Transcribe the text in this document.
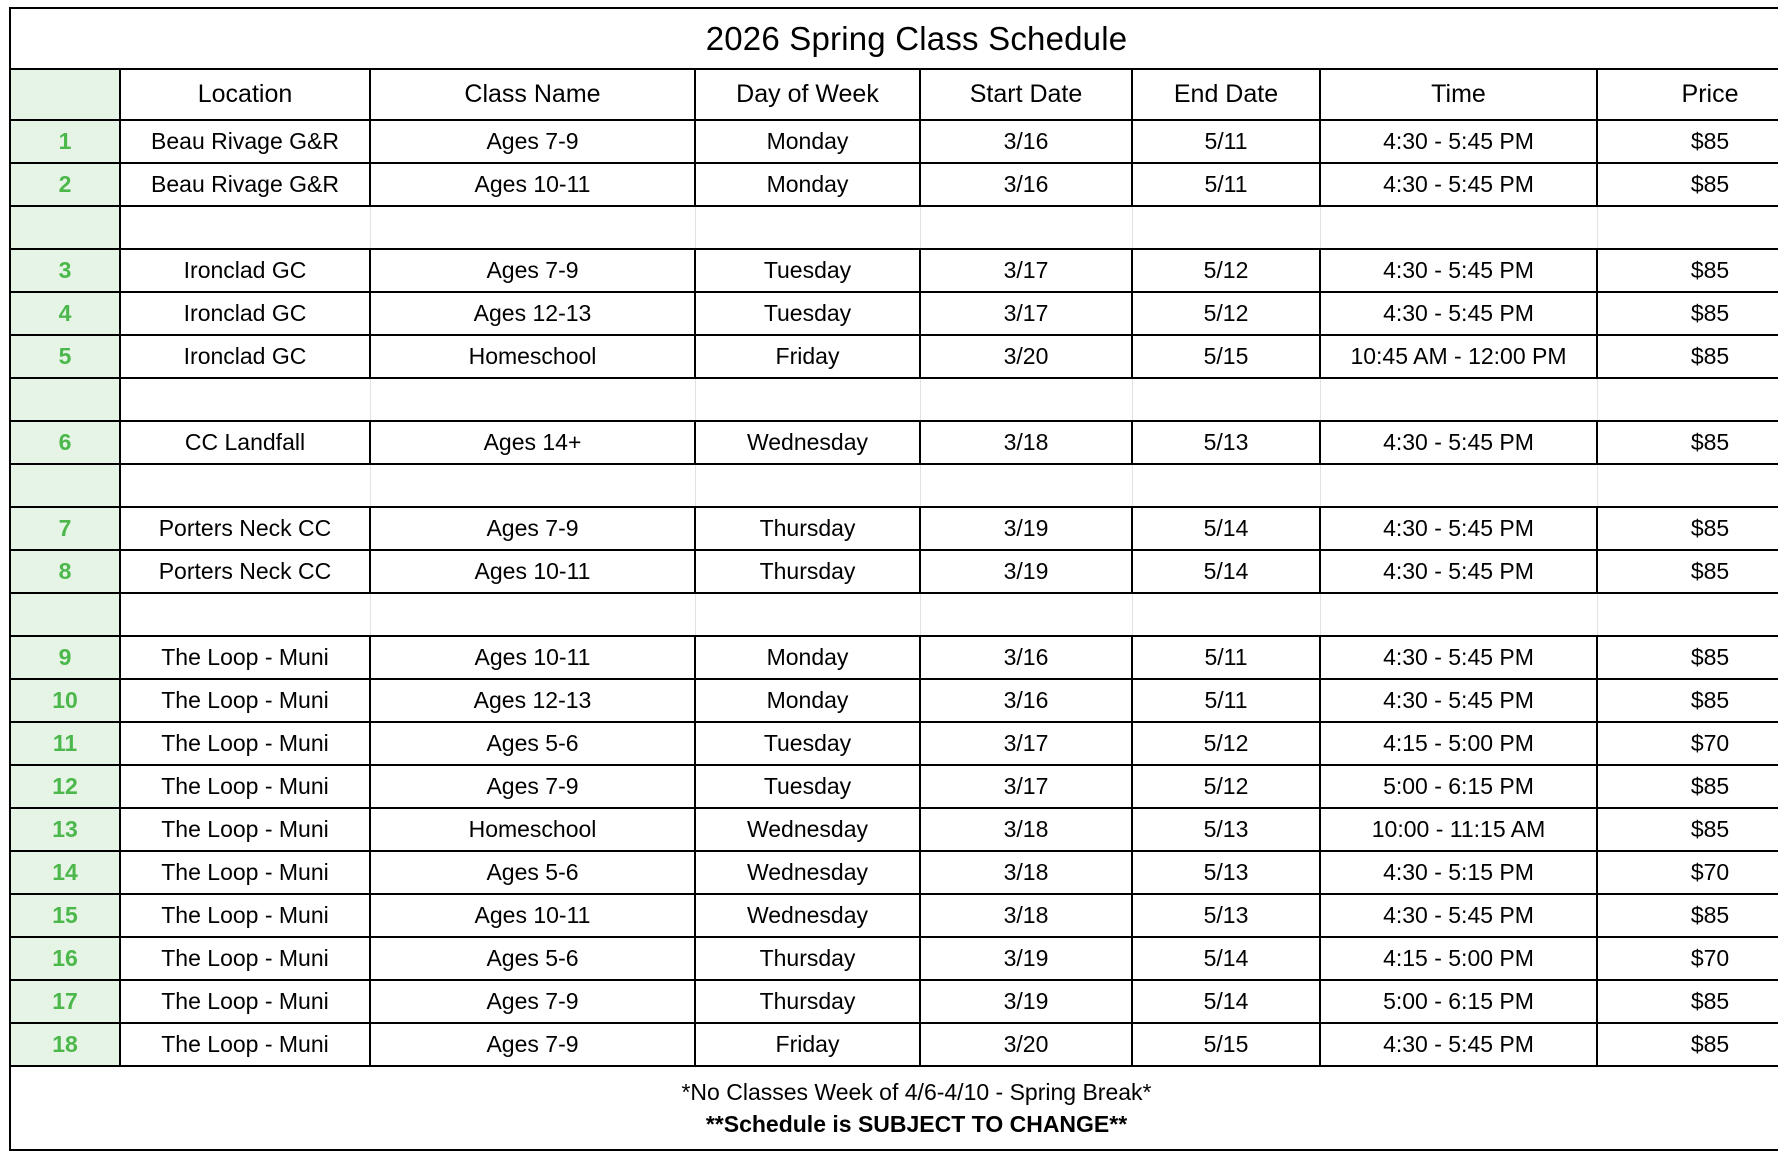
2026 Spring Class Schedule							
	Location	Class Name	Day of Week	Start Date	End Date	Time	Price
1	Beau Rivage G&R	Ages 7-9	Monday	3/16	5/11	4:30 - 5:45 PM	$85
2	Beau Rivage G&R	Ages 10-11	Monday	3/16	5/11	4:30 - 5:45 PM	$85

3	Ironclad GC	Ages 7-9	Tuesday	3/17	5/12	4:30 - 5:45 PM	$85
4	Ironclad GC	Ages 12-13	Tuesday	3/17	5/12	4:30 - 5:45 PM	$85
5	Ironclad GC	Homeschool	Friday	3/20	5/15	10:45 AM - 12:00 PM	$85

6	CC Landfall	Ages 14+	Wednesday	3/18	5/13	4:30 - 5:45 PM	$85

7	Porters Neck CC	Ages 7-9	Thursday	3/19	5/14	4:30 - 5:45 PM	$85
8	Porters Neck CC	Ages 10-11	Thursday	3/19	5/14	4:30 - 5:45 PM	$85

9	The Loop - Muni	Ages 10-11	Monday	3/16	5/11	4:30 - 5:45 PM	$85
10	The Loop - Muni	Ages 12-13	Monday	3/16	5/11	4:30 - 5:45 PM	$85
11	The Loop - Muni	Ages 5-6	Tuesday	3/17	5/12	4:15 - 5:00 PM	$70
12	The Loop - Muni	Ages 7-9	Tuesday	3/17	5/12	5:00 - 6:15 PM	$85
13	The Loop - Muni	Homeschool	Wednesday	3/18	5/13	10:00 - 11:15 AM	$85
14	The Loop - Muni	Ages 5-6	Wednesday	3/18	5/13	4:30 - 5:15 PM	$70
15	The Loop - Muni	Ages 10-11	Wednesday	3/18	5/13	4:30 - 5:45 PM	$85
16	The Loop - Muni	Ages 5-6	Thursday	3/19	5/14	4:15 - 5:00 PM	$70
17	The Loop - Muni	Ages 7-9	Thursday	3/19	5/14	5:00 - 6:15 PM	$85
18	The Loop - Muni	Ages 7-9	Friday	3/20	5/15	4:30 - 5:45 PM	$85

*No Classes Week of 4/6-4/10 - Spring Break*
**Schedule is SUBJECT TO CHANGE**							
